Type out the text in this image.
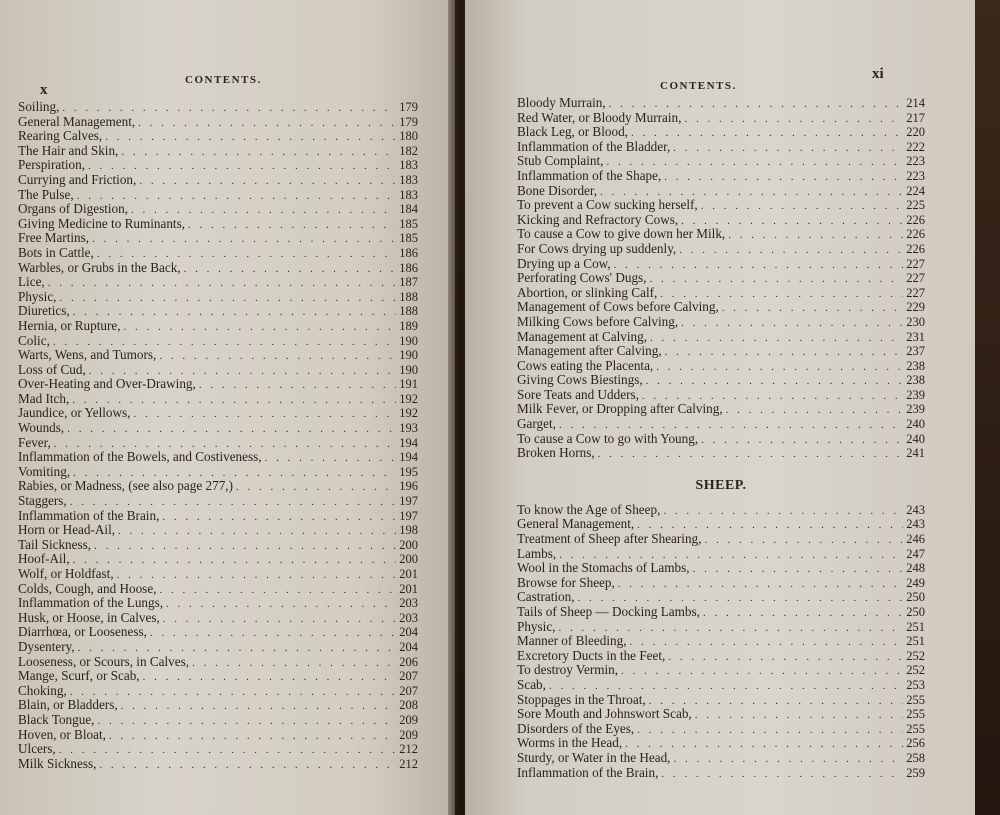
x
CONTENTS.
Soiling, . . .	179
General Management, . . .	179
Rearing Calves, . . .	180
The Hair and Skin, . . .	182
Perspiration, . . .	183
Currying and Friction, . . .	183
The Pulse, . . .	183
Organs of Digestion, . . .	184
Giving Medicine to Ruminants, . . .	185
Free Martins, . . .	185
Bots in Cattle, . . .	186
Warbles, or Grubs in the Back, . . .	186
Lice, . . .	187
Physic, . . .	188
Diuretics, . . .	188
Hernia, or Rupture, . . .	189
Colic, . . .	190
Warts, Wens, and Tumors, . . .	190
Loss of Cud, . . .	190
Over-Heating and Over-Drawing, . . .	191
Mad Itch, . . .	192
Jaundice, or Yellows, . . .	192
Wounds, . . .	193
Fever, . . .	194
Inflammation of the Bowels, and Costiveness, . . .	194
Vomiting, . . .	195
Rabies, or Madness, (see also page 277,) . . .	196
Staggers, . . .	197
Inflammation of the Brain, . . .	197
Horn or Head-Ail, . . .	198
Tail Sickness, . . .	200
Hoof-Ail, . . .	200
Wolf, or Holdfast, . . .	201
Colds, Cough, and Hoose, . . .	201
Inflammation of the Lungs, . . .	203
Husk, or Hoose, in Calves, . . .	203
Diarrhœa, or Looseness, . . .	204
Dysentery, . . .	204
Looseness, or Scours, in Calves, . . .	206
Mange, Scurf, or Scab, . . .	207
Choking, . . .	207
Blain, or Bladders, . . .	208
Black Tongue, . . .	209
Hoven, or Bloat, . . .	209
Ulcers, . . .	212
Milk Sickness, . . .	212
CONTENTS.
xi
Bloody Murrain, . . .	214
Red Water, or Bloody Murrain, . . .	217
Black Leg, or Blood, . . .	220
Inflammation of the Bladder, . . .	222
Stub Complaint, . . .	223
Inflammation of the Shape, . . .	223
Bone Disorder, . . .	224
To prevent a Cow sucking herself, . . .	225
Kicking and Refractory Cows, . . .	226
To cause a Cow to give down her Milk, . . .	226
For Cows drying up suddenly, . . .	226
Drying up a Cow, . . .	227
Perforating Cows' Dugs, . . .	227
Abortion, or slinking Calf, . . .	227
Management of Cows before Calving, . . .	229
Milking Cows before Calving, . . .	230
Management at Calving, . . .	231
Management after Calving, . . .	237
Cows eating the Placenta, . . .	238
Giving Cows Biestings, . . .	238
Sore Teats and Udders, . . .	239
Milk Fever, or Dropping after Calving, . . .	239
Garget, . . .	240
To cause a Cow to go with Young, . . .	240
Broken Horns, . . .	241
SHEEP.
To know the Age of Sheep, . . .	243
General Management, . . .	243
Treatment of Sheep after Shearing, . . .	246
Lambs, . . .	247
Wool in the Stomachs of Lambs, . . .	248
Browse for Sheep, . . .	249
Castration, . . .	250
Tails of Sheep — Docking Lambs, . . .	250
Physic, . . .	251
Manner of Bleeding, . . .	251
Excretory Ducts in the Feet, . . .	252
To destroy Vermin, . . .	252
Scab, . . .	253
Stoppages in the Throat, . . .	255
Sore Mouth and Johnswort Scab, . . .	255
Disorders of the Eyes, . . .	255
Worms in the Head, . . .	256
Sturdy, or Water in the Head, . . .	258
Inflammation of the Brain, . . .	259
